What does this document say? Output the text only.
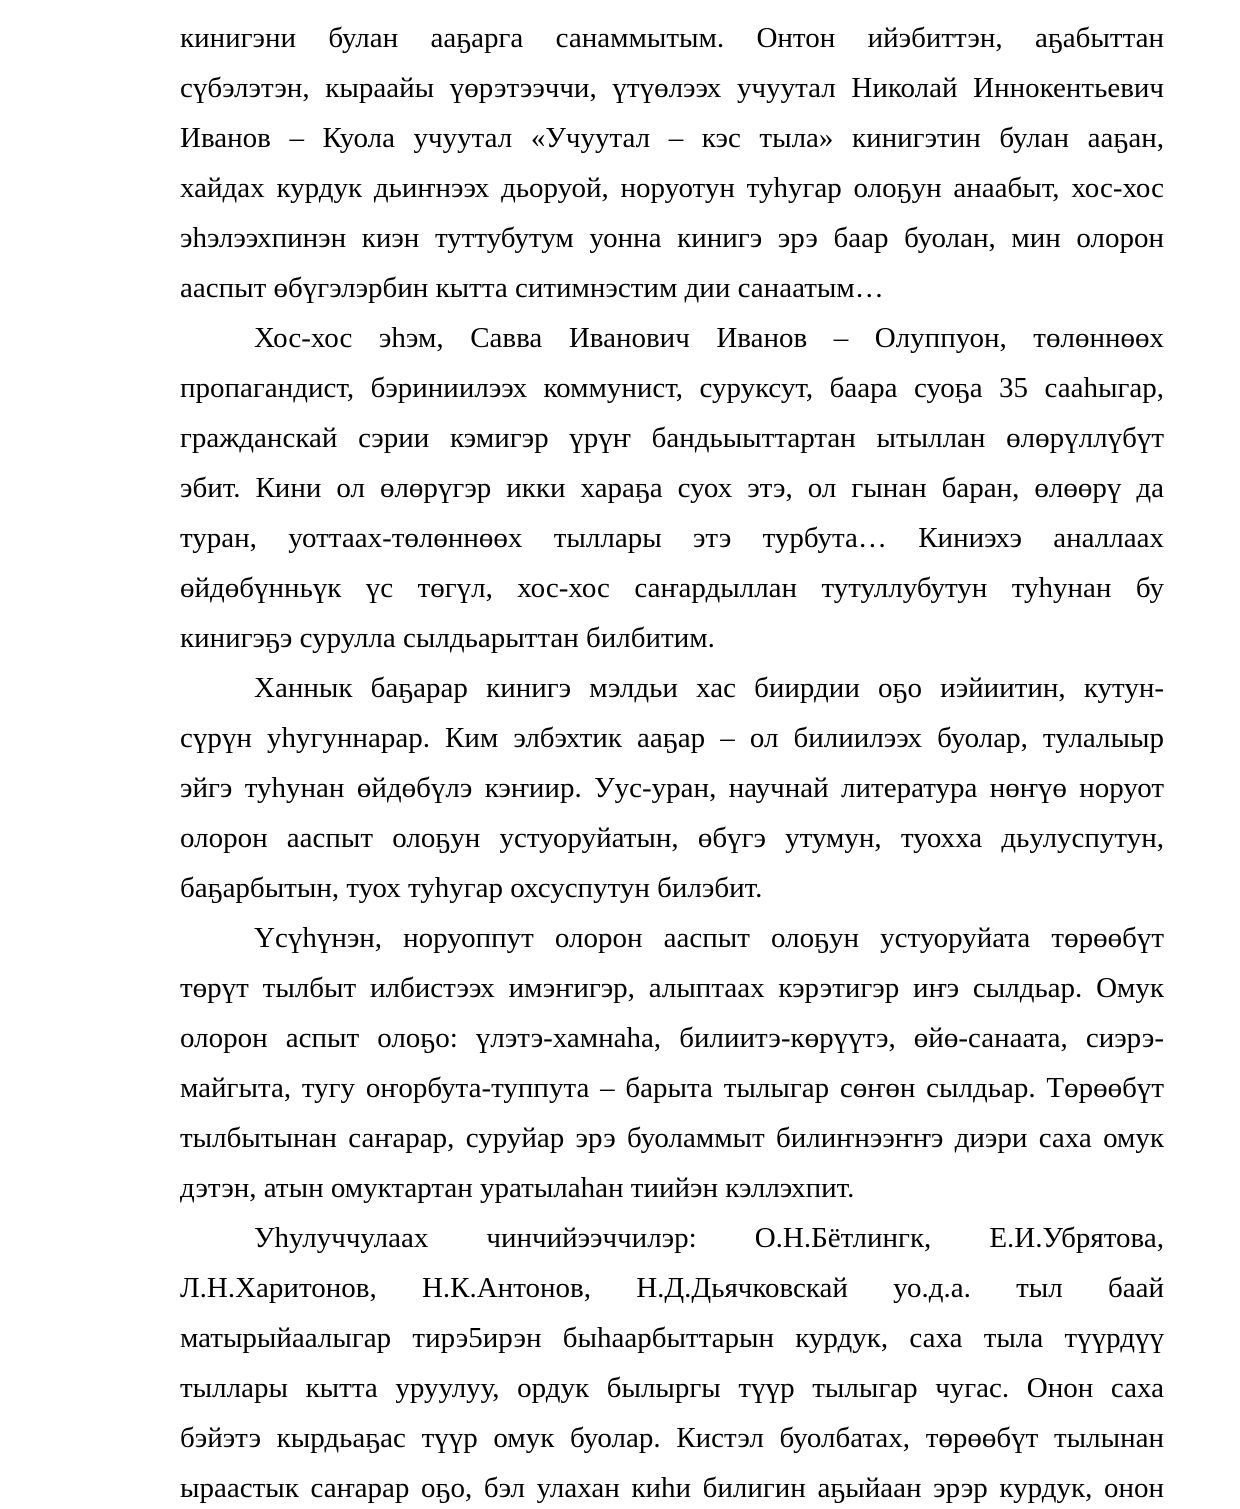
кинигэни булан ааҕарга санаммытым. Онтон ийэбиттэн, аҕабыттан
сүбэлэтэн, кыраайы үөрэтээччи, үтүөлээх учуутал Николай Иннокентьевич
Иванов – Куола учуутал «Учуутал – кэс тыла» кинигэтин булан ааҕан,
хайдах курдук дьиҥнээх дьоруой, норуотун туһугар олоҕун анаабыт, хос-хос
эһэлээхпинэн киэн туттубутум уонна кинигэ эрэ баар буолан, мин олорон
ааспыт өбүгэлэрбин кытта ситимнэстим дии санаатым…
Хос-хос эһэм, Савва Иванович Иванов – Олуппуон, төлөннөөх
пропагандист, бэриниилээх коммунист, суруксут, баара суоҕа 35 сааһыгар,
гражданскай сэрии кэмигэр үрүҥ бандьыыттартан ытыллан өлөрүллүбүт
эбит. Кини ол өлөрүгэр икки хараҕа суох этэ, ол гынан баран, өлөөрү да
туран, уоттаах-төлөннөөх тыллары этэ турбута… Киниэхэ аналлаах
өйдөбүнньүк үс төгүл, хос-хос саҥардыллан тутуллубутун туһунан бу
кинигэҕэ сурулла сылдьарыттан билбитим.
Ханнык баҕарар кинигэ мэлдьи хас биирдии оҕо иэйиитин, кутун-
сүрүн уһугуннарар. Ким элбэхтик ааҕар – ол билиилээх буолар, тулалыыр
эйгэ туһунан өйдөбүлэ кэҥиир. Уус-уран, научнай литература нөҥүө норуот
олорон ааспыт олоҕун устуоруйатын, өбүгэ утумун, туохха дьулуспутун,
баҕарбытын, туох туһугар охсуспутун билэбит.
Үсүһүнэн, норуоппут олорон ааспыт олоҕун устуоруйата төрөөбүт
төрүт тылбыт илбистээх имэҥигэр, алыптаах кэрэтигэр иҥэ сылдьар. Омук
олорон аспыт олоҕо: үлэтэ-хамнаһа, билиитэ-көрүүтэ, өйө-санаата, сиэрэ-
майгыта, тугу оҥорбута-туппута – барыта тылыгар сөҥөн сылдьар. Төрөөбүт
тылбытынан саҥарар, суруйар эрэ буоламмыт билиҥнээҥҥэ диэри саха омук
дэтэн, атын омуктартан уратылаһан тиийэн кэллэхпит.
Уһулуччулаах чинчийээччилэр: О.Н.Бётлингк, Е.И.Убрятова,
Л.Н.Харитонов, Н.К.Антонов, Н.Д.Дьячковскай уо.д.а. тыл баай
матырыйаалыгар тирэ5ирэн быһаарбыттарын курдук, саха тыла түүрдүү
тыллары кытта уруулуу, ордук былыргы түүр тылыгар чугас. Онон саха
бэйэтэ кырдьаҕас түүр омук буолар. Кистэл буолбатах, төрөөбүт тылынан
ыраастык саҥарар оҕо, бэл улахан киһи билигин аҕыйаан эрэр курдук, онон
